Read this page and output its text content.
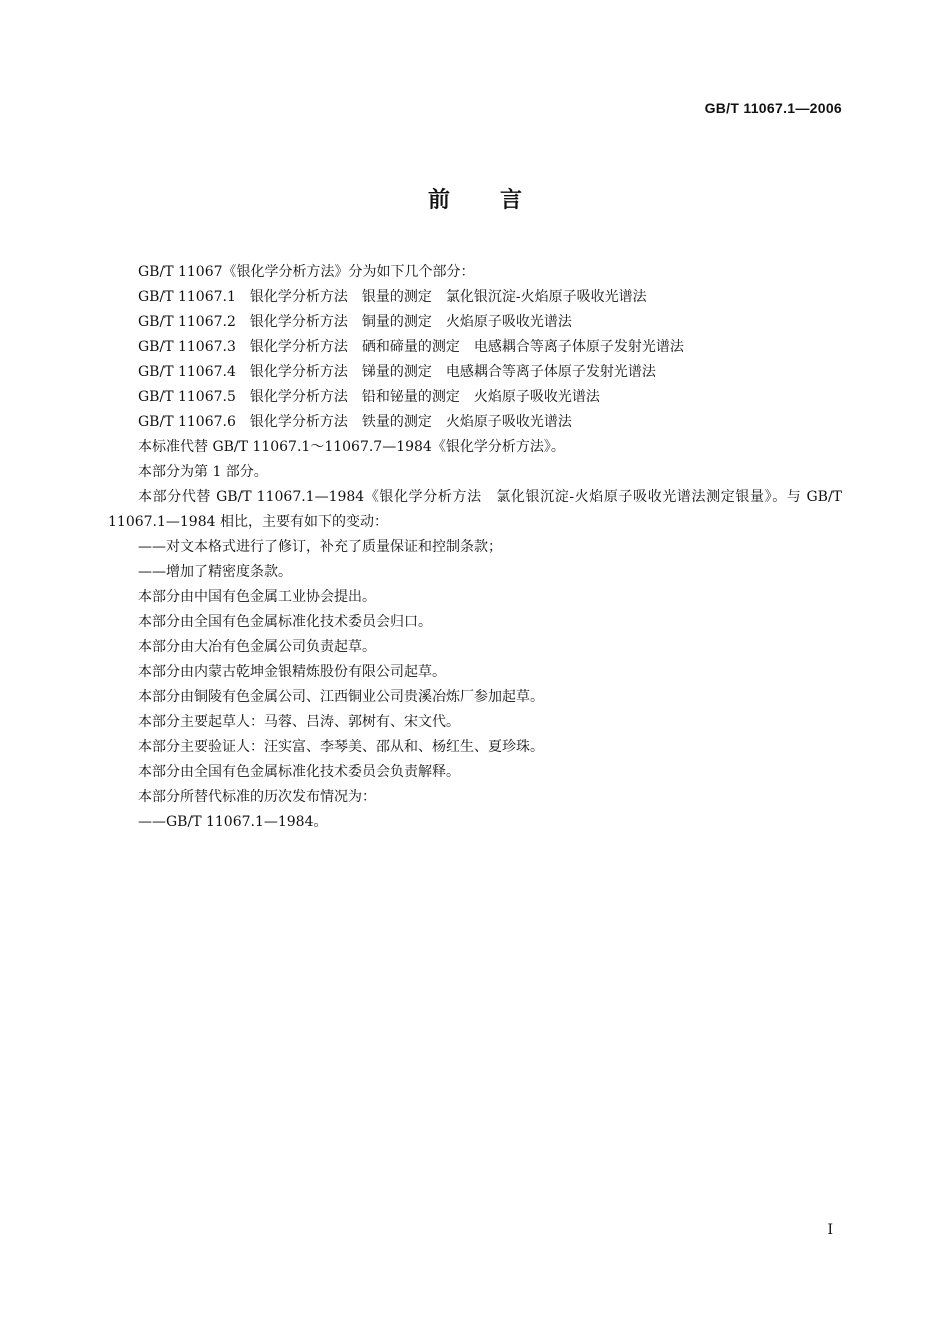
GB/T 11067.1—2006
前言

GB/T 11067《银化学分析方法》分为如下几个部分：

GB/T 11067.1　银化学分析方法　银量的测定　氯化银沉淀-火焰原子吸收光谱法

GB/T 11067.2　银化学分析方法　铜量的测定　火焰原子吸收光谱法

GB/T 11067.3　银化学分析方法　硒和碲量的测定　电感耦合等离子体原子发射光谱法

GB/T 11067.4　银化学分析方法　锑量的测定　电感耦合等离子体原子发射光谱法

GB/T 11067.5　银化学分析方法　铅和铋量的测定　火焰原子吸收光谱法

GB/T 11067.6　银化学分析方法　铁量的测定　火焰原子吸收光谱法

本标准代替 GB/T 11067.1～11067.7—1984《银化学分析方法》。

本部分为第 1 部分。

本部分代替 GB/T 11067.1—1984《银化学分析方法　氯化银沉淀-火焰原子吸收光谱法测定银量》。与 GB/T 11067.1—1984 相比，主要有如下的变动：

——对文本格式进行了修订，补充了质量保证和控制条款；

——增加了精密度条款。

本部分由中国有色金属工业协会提出。

本部分由全国有色金属标准化技术委员会归口。

本部分由大冶有色金属公司负责起草。

本部分由内蒙古乾坤金银精炼股份有限公司起草。

本部分由铜陵有色金属公司、江西铜业公司贵溪冶炼厂参加起草。

本部分主要起草人：马蓉、吕涛、郭树有、宋文代。

本部分主要验证人：汪实富、李琴美、邵从和、杨红生、夏珍珠。

本部分由全国有色金属标准化技术委员会负责解释。

本部分所替代标准的历次发布情况为：

——GB/T 11067.1—1984。

I
